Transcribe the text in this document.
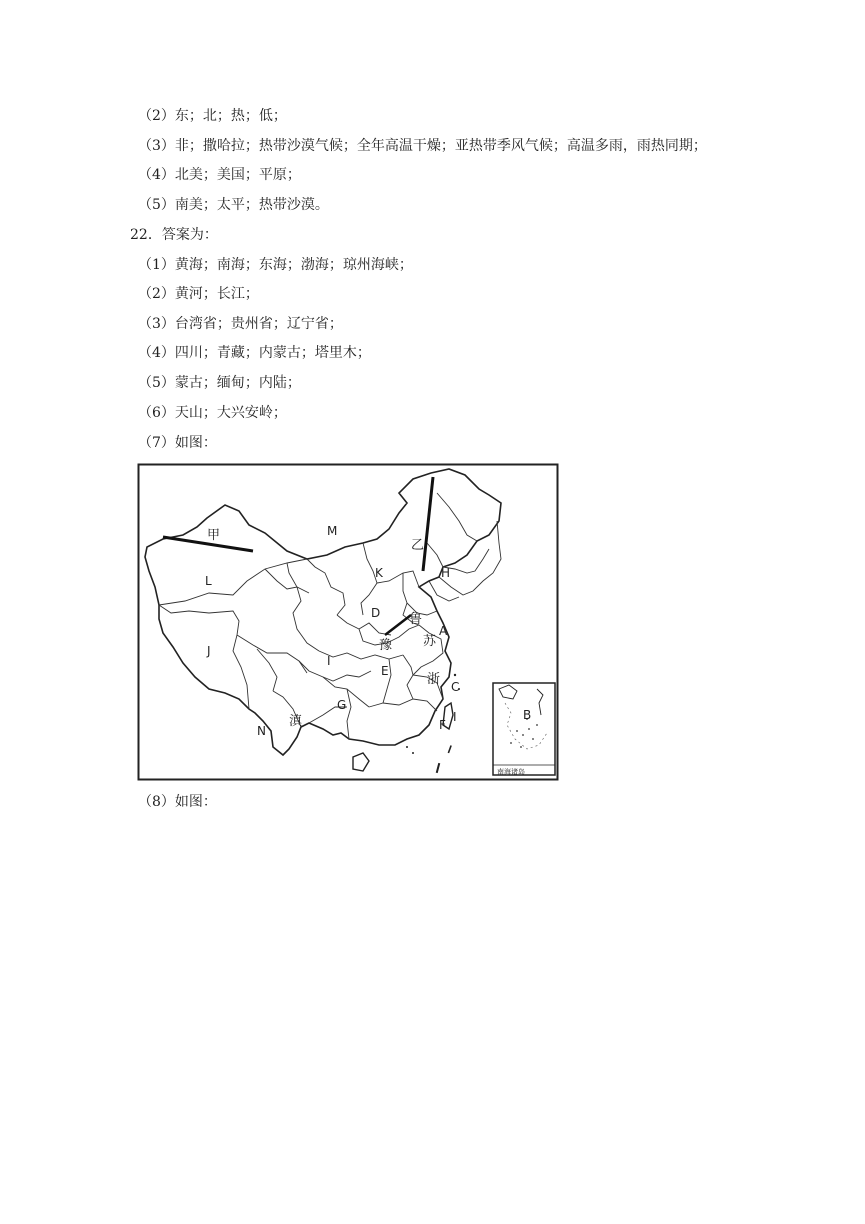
（2）东；北；热；低；
（3）非；撒哈拉；热带沙漠气候；全年高温干燥；亚热带季风气候；高温多雨，雨热同期；
（4）北美；美国；平原；
（5）南美；太平；热带沙漠。
22．答案为：
（1）黄海；南海；东海；渤海；琼州海峡；
（2）黄河；长江；
（3）台湾省；贵州省；辽宁省；
（4）四川；青藏；内蒙古；塔里木；
（5）蒙古；缅甸；内陆；
（6）天山；大兴安岭；
（7）如图：
甲
乙
M
L
J
K	H
D 鲁
A
苏
豫
I
E
浙 C
G
滇
N	F
I	B
南海诸岛
（8）如图：
